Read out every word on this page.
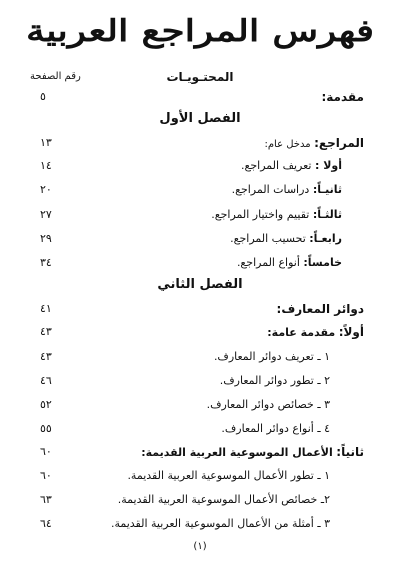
فهرس المراجع العربية
المحتـويـات
رقم الصفحة
مقدمة:
٥
الفصل الأول
المراجع: مدخل عام:
١٣
أولا : تعريف المراجع.
١٤
ثانيـاً: دراسات المراجع.
٢٠
ثالثـاً: تقييم واختيار المراجع.
٢٧
رابعـاً: تحسيب المراجع.
٢٩
خامساً: أنواع المراجع.
٣٤
الفصل الثاني
دوائر المعارف:
٤١
أولاً: مقدمة عامة:
٤٣
١ ـ تعريف دوائر المعارف.
٤٣
٢ ـ تطور دوائر المعارف.
٤٦
٣ ـ خصائص دوائر المعارف.
٥٢
٤ ـ أنواع دوائر المعارف.
٥٥
ثانياً: الأعمال الموسوعية العربية القديمة:
٦٠
١ ـ تطور الأعمال الموسوعية العربية القديمة.
٦٠
٢ـ خصائص الأعمال الموسوعية العربية القديمة.
٦٣
٣ ـ أمثلة من الأعمال الموسوعية العربية القديمة.
٦٤
(١)
